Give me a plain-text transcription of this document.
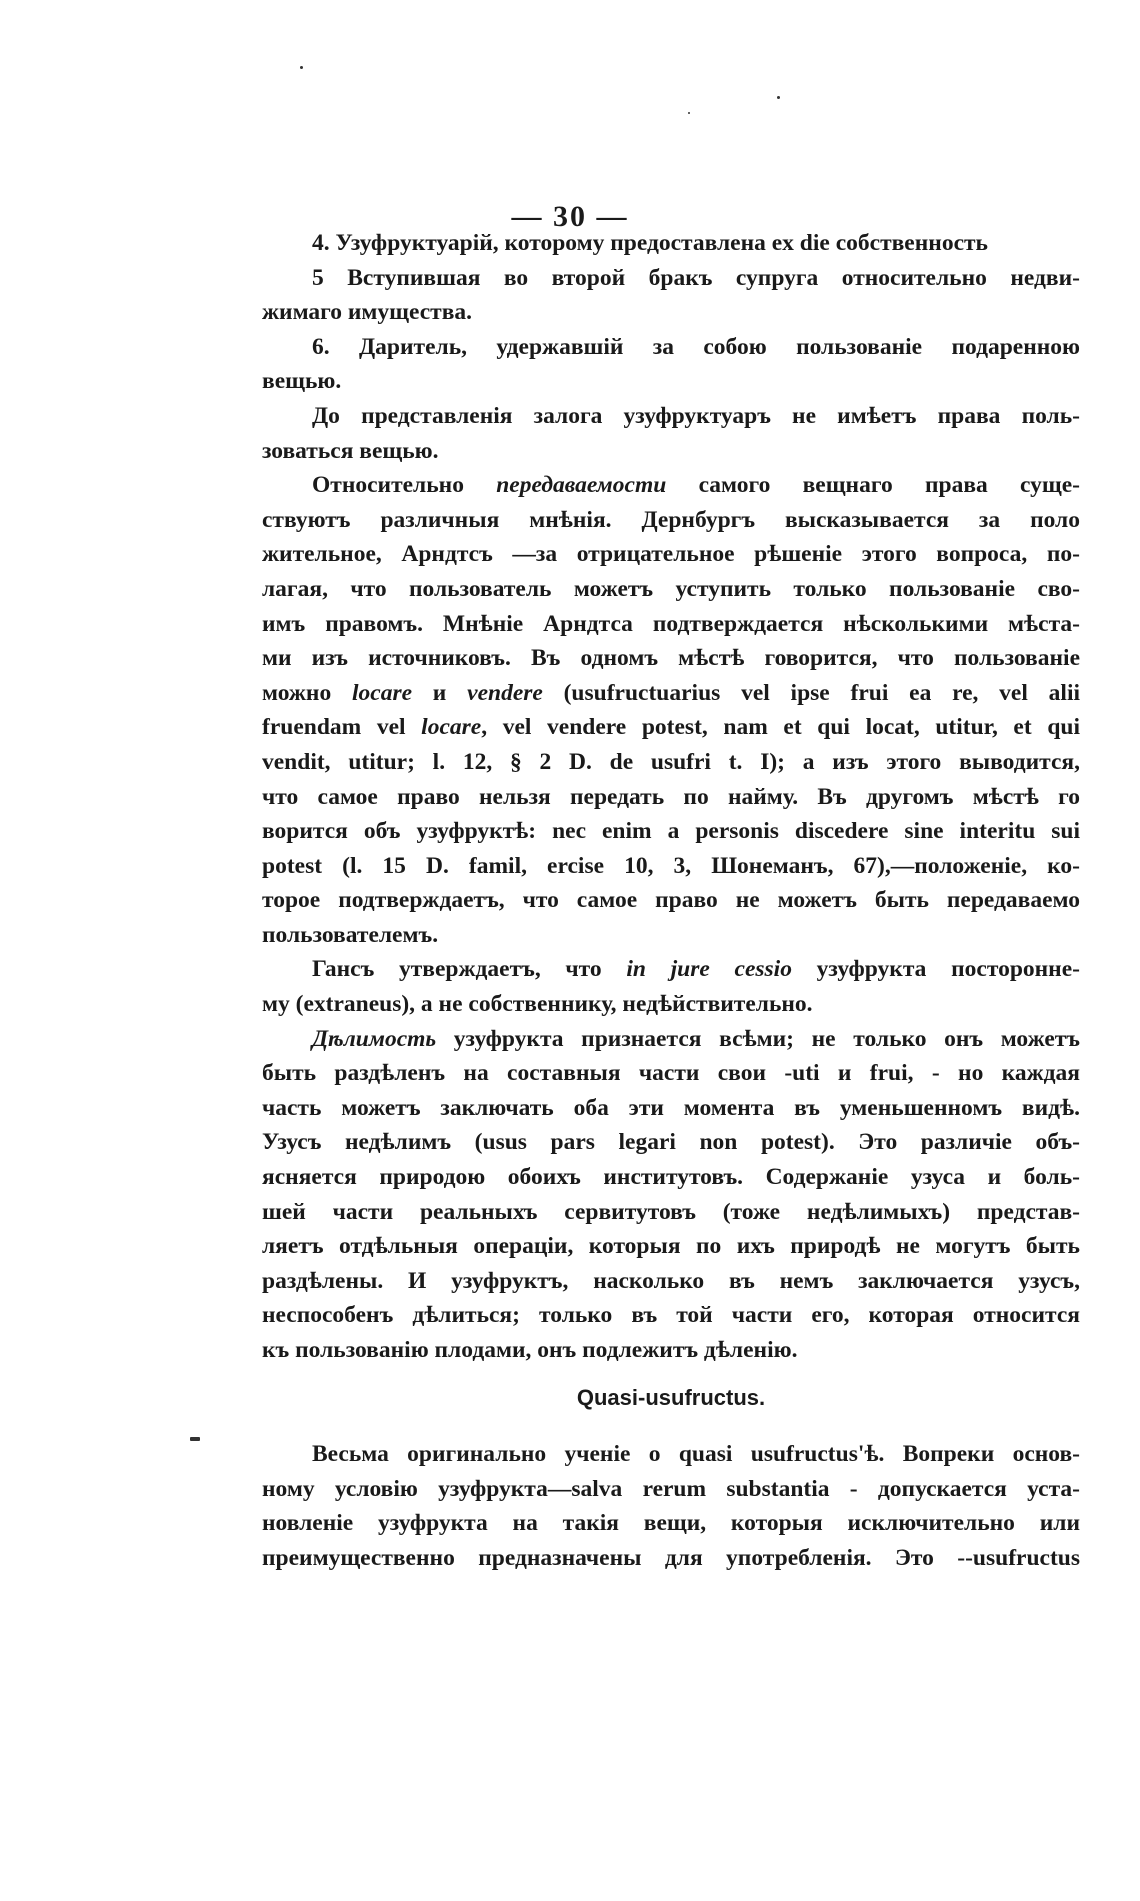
— 30 —
4. Узуфруктуарій, которому предоставлена ex die собственность
5 Вступившая во второй бракъ супруга относительно недви-
жимаго имущества.
6. Даритель, удержавшій за собою пользованіе подаренною
вещью.
До представленія залога узуфруктуаръ не имѣетъ права поль-
зоваться вещью.
Относительно передаваемости самого вещнаго права суще-
ствуютъ различныя мнѣнія. Дернбургъ высказывается за поло
жительное, Арндтсъ —за отрицательное рѣшеніе этого вопроса, по-
лагая, что пользователь можетъ уступить только пользованіе сво-
имъ правомъ. Мнѣніе Арндтса подтверждается нѣсколькими мѣста-
ми изъ источниковъ. Въ одномъ мѣстѣ говорится, что пользованіе
можно locare и vendere (usufructuarius vel ipse frui ea re, vel alii
fruendam vel locare, vel vendere potest, nam et qui locat, utitur, et qui
vendit, utitur; l. 12, § 2 D. de usufri t. I); а изъ этого выводится,
что самое право нельзя передать по найму. Въ другомъ мѣстѣ го
ворится объ узуфруктѣ: nec enim a personis discedere sine interitu sui
potest (l. 15 D. famil, ercise 10, 3, Шонеманъ, 67),—положеніе, ко-
торое подтверждаетъ, что самое право не можетъ быть передаваемо
пользователемъ.
Гансъ утверждаетъ, что in jure cessio узуфрукта постороннe-
му (extraneus), а не собственнику, недѣйствительно.
Дѣлимость узуфрукта признается всѣми; не только онъ можетъ
быть раздѣленъ на составныя части свои -uti и frui, - но каждая
часть можетъ заключать оба эти момента въ уменьшенномъ видѣ.
Узусъ недѣлимъ (usus pars legari non potest). Это различіе объ-
ясняется природою обоихъ институтовъ. Содержаніе узуса и боль-
шей части реальныхъ сервитутовъ (тоже недѣлимыхъ) представ-
ляетъ отдѣльныя операціи, которыя по ихъ природѣ не могутъ быть
раздѣлены. И узуфруктъ, насколько въ немъ заключается узусъ,
неспособенъ дѣлиться; только въ той части его, которая относится
къ пользованію плодами, онъ подлежитъ дѣленію.
Quasi-usufructus.
Весьма оригинально ученіе о quasi usufructus'ѣ. Вопреки основ-
ному условію узуфрукта—salva rerum substantia - допускается уста-
новленіе узуфрукта на такія вещи, которыя исключительно или
преимущественно предназначены для употребленія. Это --usufructus
